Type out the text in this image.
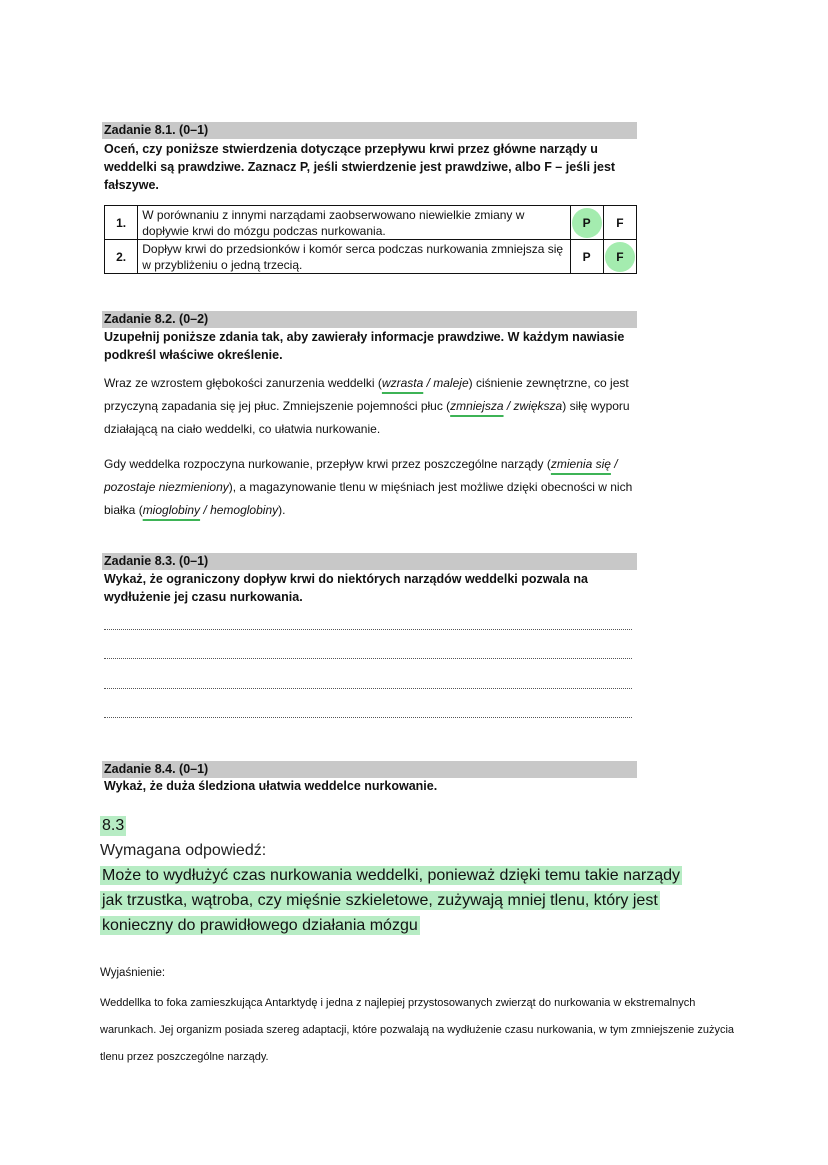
Zadanie 8.1. (0–1)
Oceń, czy poniższe stwierdzenia dotyczące przepływu krwi przez główne narządy u weddelki są prawdziwe. Zaznacz P, jeśli stwierdzenie jest prawdziwe, albo F – jeśli jest fałszywe.
1.	W porównaniu z innymi narządami zaobserwowano niewielkie zmiany w dopływie krwi do mózgu podczas nurkowania.	P	F
2.	Dopływ krwi do przedsionków i komór serca podczas nurkowania zmniejsza się w przybliżeniu o jedną trzecią.	P	F
Zadanie 8.2. (0–2)
Uzupełnij poniższe zdania tak, aby zawierały informacje prawdziwe. W każdym nawiasie podkreśl właściwe określenie.
Wraz ze wzrostem głębokości zanurzenia weddelki (wzrasta / maleje) ciśnienie zewnętrzne, co jest przyczyną zapadania się jej płuc. Zmniejszenie pojemności płuc (zmniejsza / zwiększa) siłę wyporu działającą na ciało weddelki, co ułatwia nurkowanie.
Gdy weddelka rozpoczyna nurkowanie, przepływ krwi przez poszczególne narządy (zmienia się / pozostaje niezmieniony), a magazynowanie tlenu w mięśniach jest możliwe dzięki obecności w nich białka (mioglobiny / hemoglobiny).
Zadanie 8.3. (0–1)
Wykaż, że ograniczony dopływ krwi do niektórych narządów weddelki pozwala na wydłużenie jej czasu nurkowania.
Zadanie 8.4. (0–1)
Wykaż, że duża śledziona ułatwia weddelce nurkowanie.
8.3
Wymagana odpowiedź:
Może to wydłużyć czas nurkowania weddelki, ponieważ dzięki temu takie narządy jak trzustka, wątroba, czy mięśnie szkieletowe, zużywają mniej tlenu, który jest konieczny do prawidłowego działania mózgu
Wyjaśnienie:
Weddellka to foka zamieszkująca Antarktydę i jedna z najlepiej przystosowanych zwierząt do nurkowania w ekstremalnych warunkach. Jej organizm posiada szereg adaptacji, które pozwalają na wydłużenie czasu nurkowania, w tym zmniejszenie zużycia tlenu przez poszczególne narządy.
